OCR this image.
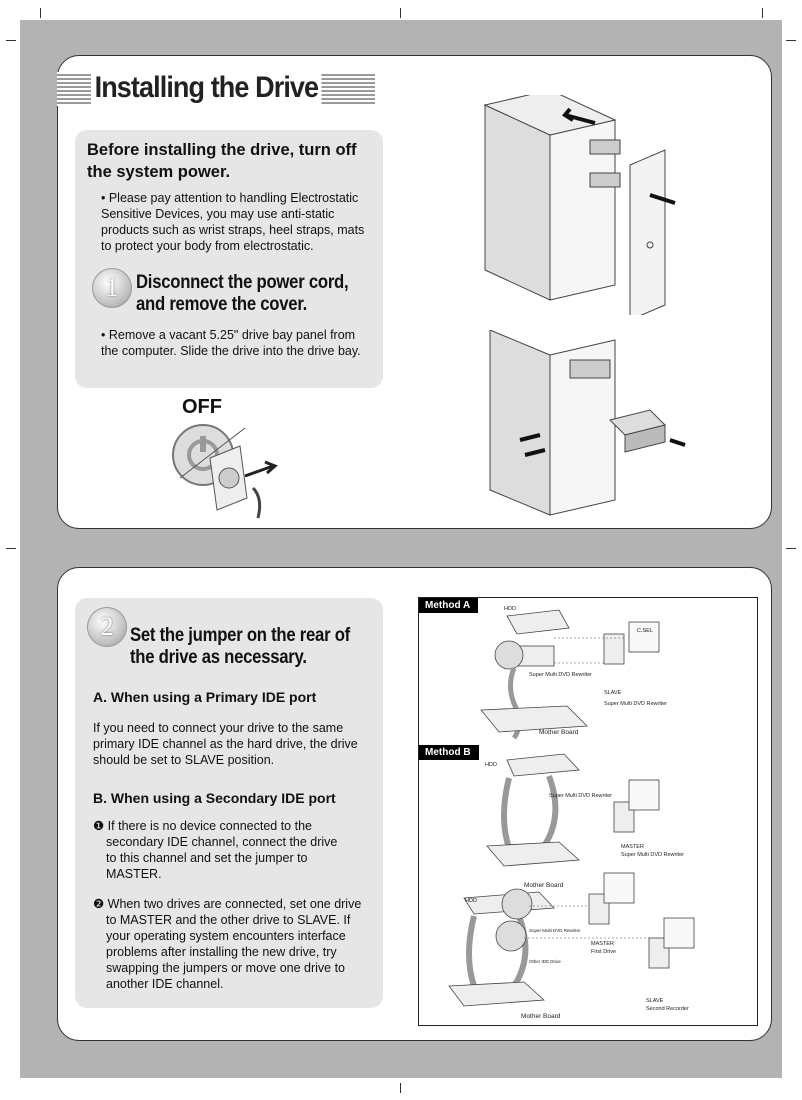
Installing the Drive
Before installing the drive, turn off the system power.
• Please pay attention to handling Electrostatic Sensitive Devices, you may use anti-static products such as wrist straps, heel straps, mats to protect your body from electrostatic.
1 Disconnect the power cord,
and remove the cover.
• Remove a vacant 5.25" drive bay panel from the computer. Slide the drive into the drive bay.
OFF
2 Set the jumper on the rear of
the drive as necessary.
A. When using a Primary IDE port
If you need to connect your drive to the same primary IDE channel as the hard drive, the drive should be set to SLAVE position.
B. When using a Secondary IDE port
❶ If there is no device connected to the secondary IDE channel, connect the drive to this channel and set the jumper to MASTER.
❷ When two drives are connected, set one drive to MASTER and the other drive to SLAVE. If your operating system encounters interface problems after installing the new drive, try swapping the jumpers or move one drive to another IDE channel.
Method A
Method B
HDD
Super Multi DVD Rewriter
SLAVE
Super Multi DVD Rewriter
C.SEL
Mother Board
HDD
Super Multi DVD Rewriter
MASTER
Super Multi DVD Rewriter
Mother Board
HDD
Super Multi DVD Rewriter
MASTER
First Drive
Other IDE Drive
SLAVE
Second Recorder
Mother Board
